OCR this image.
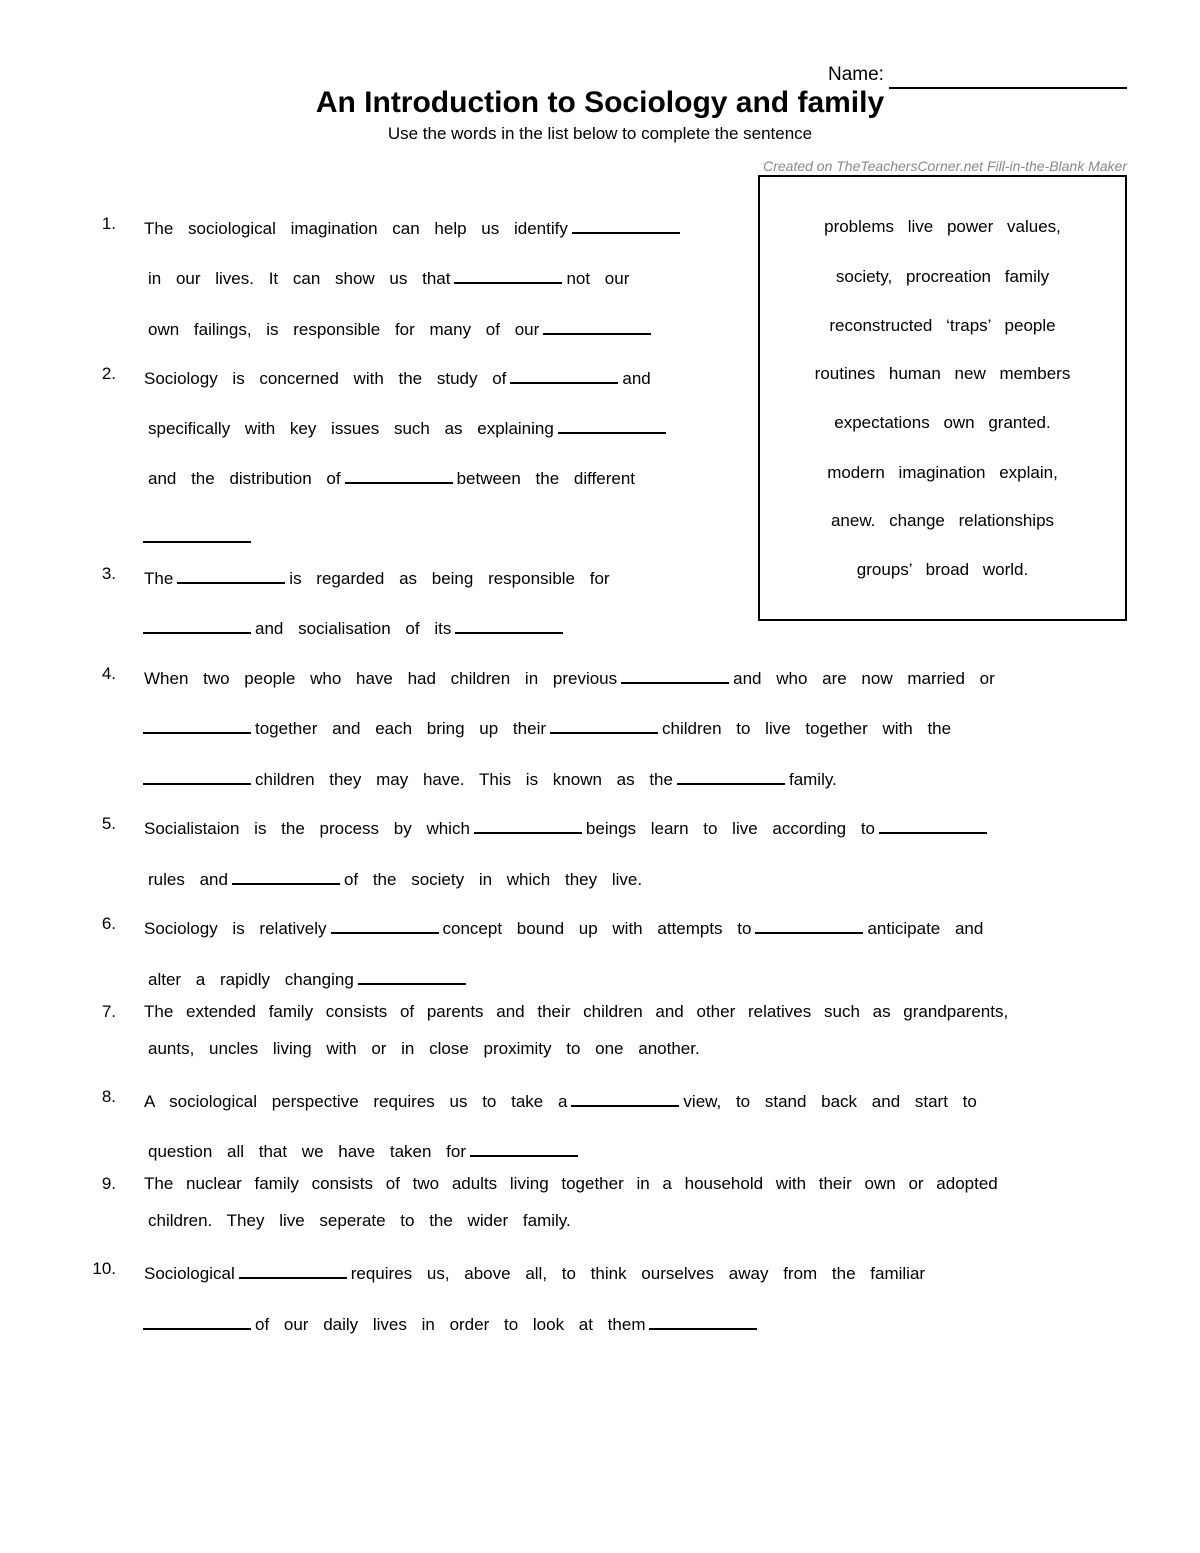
Name:
An Introduction to Sociology and family
Use the words in the list below to complete the sentence
Created on TheTeachersCorner.net Fill-in-the-Blank Maker
problems live power values,
society, procreation family
reconstructed ‘traps’ people
routines human new members
expectations own granted.
modern imagination explain,
anew. change relationships
groups’ broad world.
1. The sociological imagination can help us identify
in our lives. It can show us that	not our
own failings, is responsible for many of our
2. Sociology is concerned with the study of	and
specifically with key issues such as explaining
and the distribution of	between the different
3. The	is regarded as being responsible for
and socialisation of its
4. When two people who have had children in previous	and who are now married or
together and each bring up their	children to live together with the
children they may have. This is known as the	family.
5. Socialistaion is the process by which	beings learn to live according to
rules and	of the society in which they live.
6. Sociology is relatively	concept bound up with attempts to	anticipate and
alter a rapidly changing
7. The extended family consists of parents and their children and other relatives such as grandparents,
aunts, uncles living with or in close proximity to one another.
8. A sociological perspective requires us to take a	view, to stand back and start to
question all that we have taken for
9. The nuclear family consists of two adults living together in a household with their own or adopted
children. They live seperate to the wider family.
10. Sociological	requires us, above all, to think ourselves away from the familiar
of our daily lives in order to look at them
